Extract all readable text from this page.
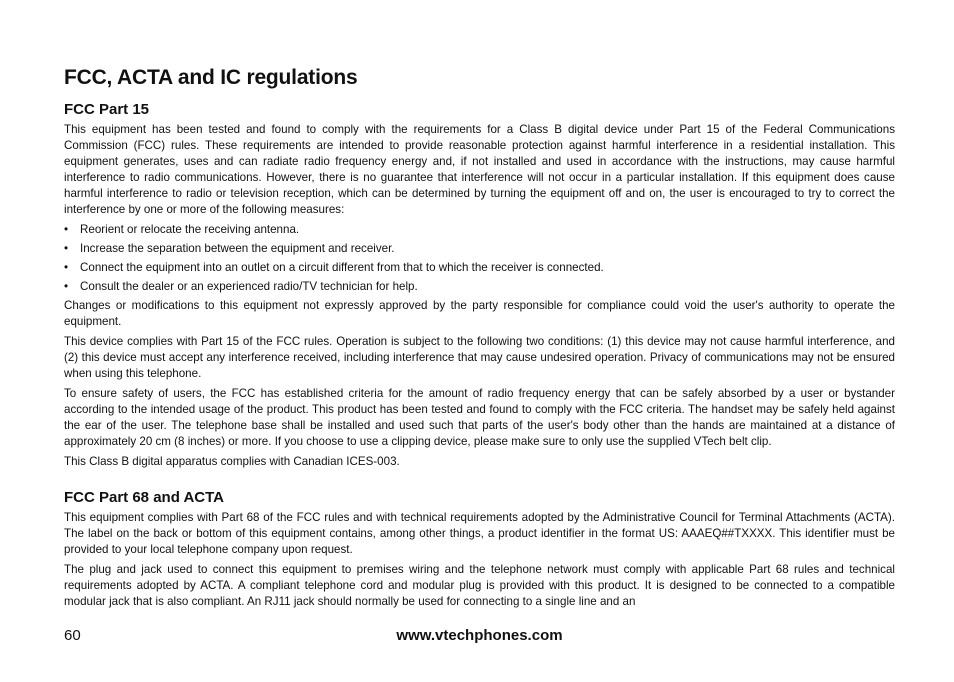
FCC, ACTA and IC regulations
FCC Part 15

This equipment has been tested and found to comply with the requirements for a Class B digital device under Part 15 of the Federal Communications Commission (FCC) rules. These requirements are intended to provide reasonable protection against harmful interference in a residential installation. This equipment generates, uses and can radiate radio frequency energy and, if not installed and used in accordance with the instructions, may cause harmful interference to radio communications. However, there is no guarantee that interference will not occur in a particular installation. If this equipment does cause harmful interference to radio or television reception, which can be determined by turning the equipment off and on, the user is encouraged to try to correct the interference by one or more of the following measures:

• Reorient or relocate the receiving antenna.
• Increase the separation between the equipment and receiver.
• Connect the equipment into an outlet on a circuit different from that to which the receiver is connected.
• Consult the dealer or an experienced radio/TV technician for help.

Changes or modifications to this equipment not expressly approved by the party responsible for compliance could void the user's authority to operate the equipment.

This device complies with Part 15 of the FCC rules. Operation is subject to the following two conditions: (1) this device may not cause harmful interference, and (2) this device must accept any interference received, including interference that may cause undesired operation. Privacy of communications may not be ensured when using this telephone.

To ensure safety of users, the FCC has established criteria for the amount of radio frequency energy that can be safely absorbed by a user or bystander according to the intended usage of the product. This product has been tested and found to comply with the FCC criteria. The handset may be safely held against the ear of the user. The telephone base shall be installed and used such that parts of the user's body other than the hands are maintained at a distance of approximately 20 cm (8 inches) or more. If you choose to use a clipping device, please make sure to only use the supplied VTech belt clip.

This Class B digital apparatus complies with Canadian ICES-003.

FCC Part 68 and ACTA

This equipment complies with Part 68 of the FCC rules and with technical requirements adopted by the Administrative Council for Terminal Attachments (ACTA). The label on the back or bottom of this equipment contains, among other things, a product identifier in the format US: AAAEQ##TXXXX. This identifier must be provided to your local telephone company upon request.

The plug and jack used to connect this equipment to premises wiring and the telephone network must comply with applicable Part 68 rules and technical requirements adopted by ACTA. A compliant telephone cord and modular plug is provided with this product. It is designed to be connected to a compatible modular jack that is also compliant. An RJ11 jack should normally be used for connecting to a single line and an

60	www.vtechphones.com
